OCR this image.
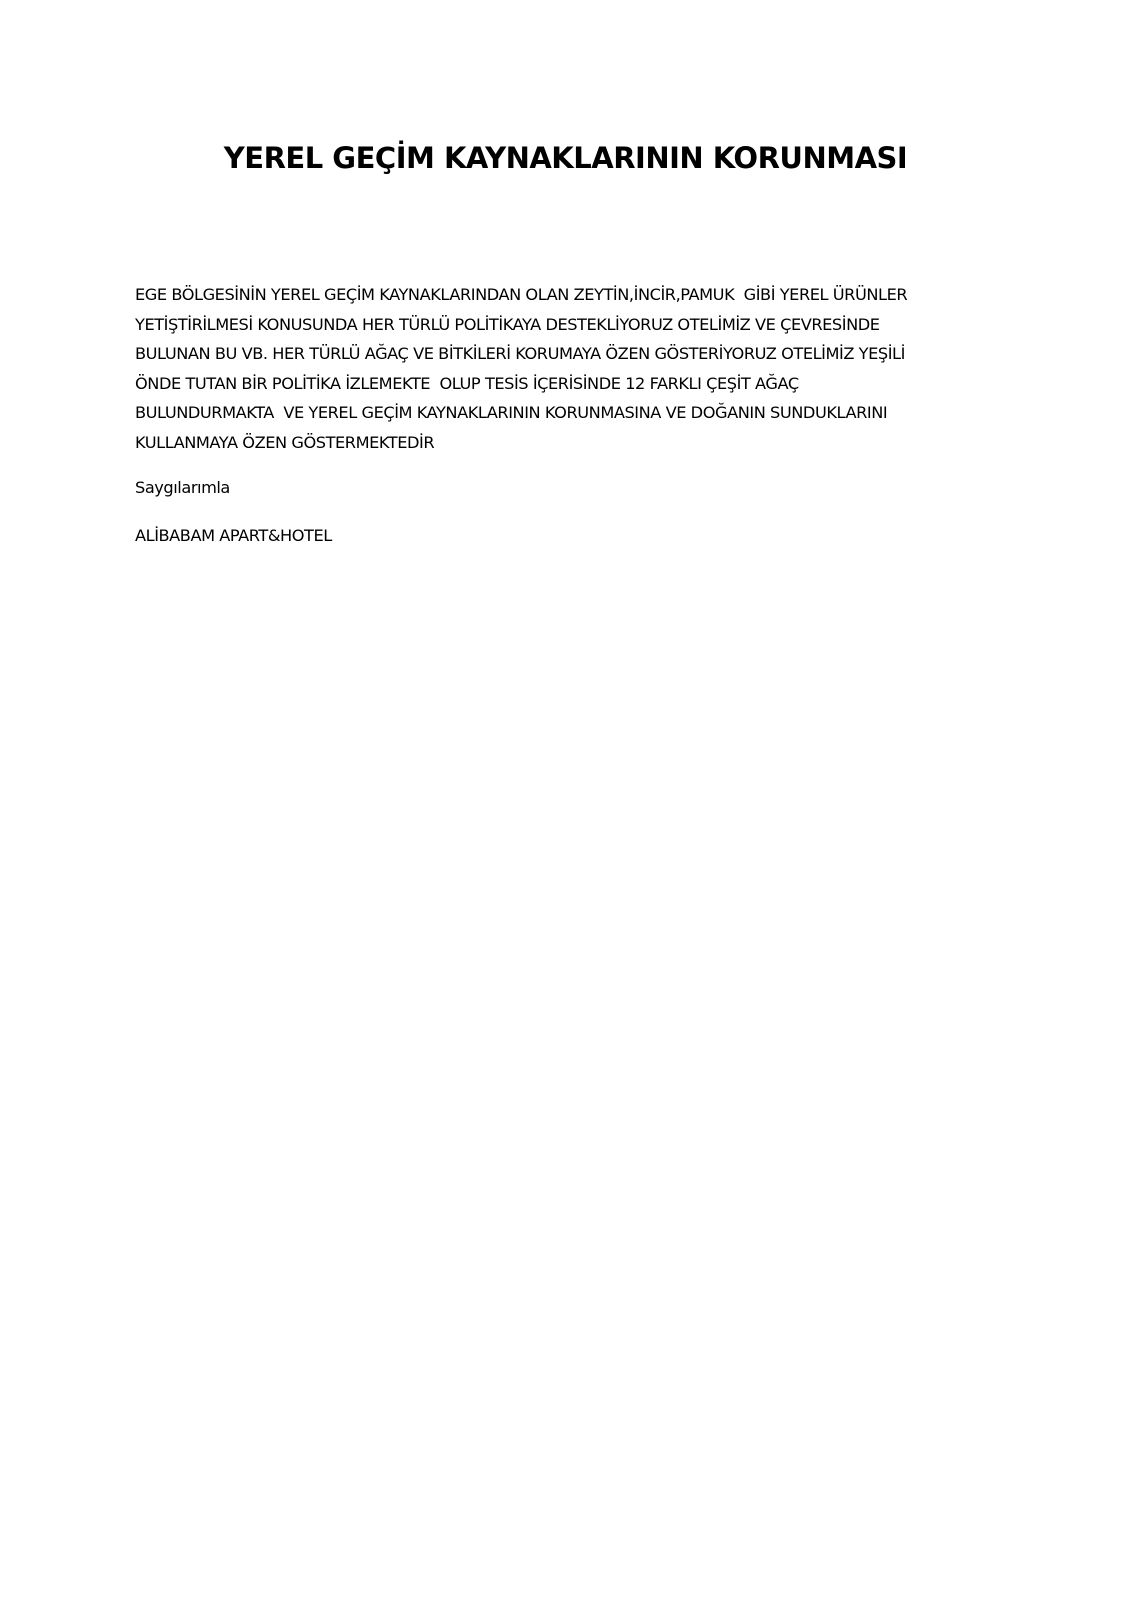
YEREL GEÇİM KAYNAKLARININ KORUNMASI
EGE BÖLGESİNİN YEREL GEÇİM KAYNAKLARINDAN OLAN ZEYTİN,İNCİR,PAMUK  GİBİ YEREL ÜRÜNLER
YETİŞTİRİLMESİ KONUSUNDA HER TÜRLÜ POLİTİKAYA DESTEKLİYORUZ OTELİMİZ VE ÇEVRESİNDE
BULUNAN BU VB. HER TÜRLÜ AĞAÇ VE BİTKİLERİ KORUMAYA ÖZEN GÖSTERİYORUZ OTELİMİZ YEŞİLİ
ÖNDE TUTAN BİR POLİTİKA İZLEMEKTE  OLUP TESİS İÇERİSİNDE 12 FARKLI ÇEŞİT AĞAÇ
BULUNDURMAKTA  VE YEREL GEÇİM KAYNAKLARININ KORUNMASINA VE DOĞANIN SUNDUKLARINI
KULLANMAYA ÖZEN GÖSTERMEKTEDİR

Saygılarımla

ALİBABAM APART&HOTEL
